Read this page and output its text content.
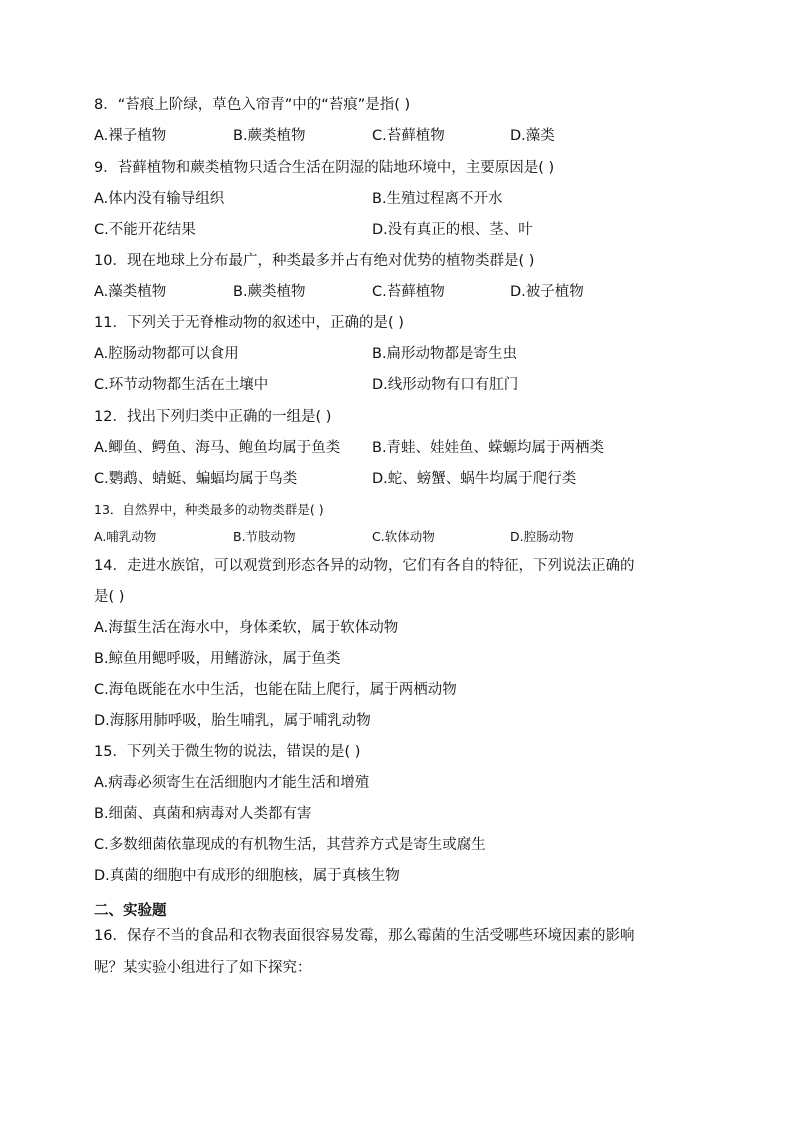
8．“苔痕上阶绿，草色入帘青”中的“苔痕”是指( )
A.裸子植物	B.蕨类植物	C.苔藓植物	D.藻类
9．苔藓植物和蕨类植物只适合生活在阴湿的陆地环境中，主要原因是( )
A.体内没有输导组织	B.生殖过程离不开水
C.不能开花结果	D.没有真正的根、茎、叶
10．现在地球上分布最广，种类最多并占有绝对优势的植物类群是( )
A.藻类植物	B.蕨类植物	C.苔藓植物	D.被子植物
11．下列关于无脊椎动物的叙述中，正确的是( )
A.腔肠动物都可以食用	B.扁形动物都是寄生虫
C.环节动物都生活在土壤中	D.线形动物有口有肛门
12．找出下列归类中正确的一组是( )
A.鲫鱼、鳄鱼、海马、鲍鱼均属于鱼类 B.青蛙、娃娃鱼、蝾螈均属于两栖类
C.鹦鹉、蜻蜓、蝙蝠均属于鸟类	D.蛇、螃蟹、蜗牛均属于爬行类
13．自然界中，种类最多的动物类群是( )
A.哺乳动物	B.节肢动物	C.软体动物	D.腔肠动物
14．走进水族馆，可以观赏到形态各异的动物，它们有各自的特征，下列说法正确的
是( )
A.海蜇生活在海水中，身体柔软，属于软体动物
B.鲸鱼用鳃呼吸，用鳍游泳，属于鱼类
C.海龟既能在水中生活，也能在陆上爬行，属于两栖动物
D.海豚用肺呼吸，胎生哺乳，属于哺乳动物
15．下列关于微生物的说法，错误的是( )
A.病毒必须寄生在活细胞内才能生活和增殖
B.细菌、真菌和病毒对人类都有害
C.多数细菌依靠现成的有机物生活，其营养方式是寄生或腐生
D.真菌的细胞中有成形的细胞核，属于真核生物
二、实验题
16．保存不当的食品和衣物表面很容易发霉，那么霉菌的生活受哪些环境因素的影响
呢？某实验小组进行了如下探究：
